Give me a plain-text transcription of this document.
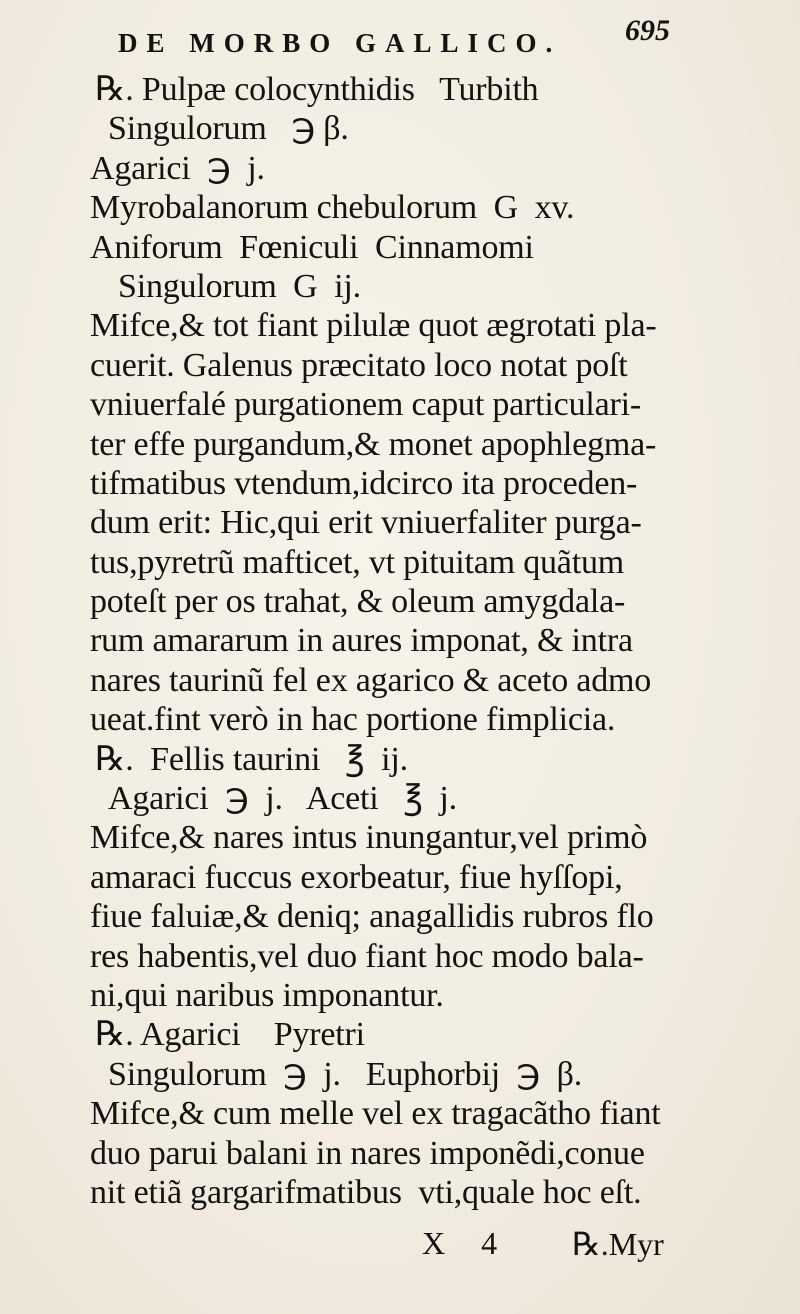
DE MORBO GALLICO. 695
℞. Pulpæ colocynthidis   Turbith
Singulorum   ℈ β.
Agarici  ℈  j.
Myrobalanorum chebulorum  G  xv.
Aniforum  Fœniculi  Cinnamomi
Singulorum  G  ij.
Mifce,& tot fiant pilulæ quot ægrotati pla-
cuerit. Galenus præcitato loco notat poſt
vniuerfalé purgationem caput particulari-
ter effe purgandum,& monet apophlegma-
tifmatibus vtendum,idcirco ita proceden-
dum erit: Hic,qui erit vniuerfaliter purga-
tus,pyretrũ mafticet, vt pituitam quãtum
poteſt per os trahat, & oleum amygdala-
rum amararum in aures imponat, & intra
nares taurinũ fel ex agarico & aceto admo
ueat.fint verò in hac portione fimplicia.
℞.  Fellis taurini   ℥  ij.
Agarici  ℈  j.   Aceti   ℥  j.
Mifce,& nares intus inungantur,vel primò
amaraci fuccus exorbeatur, fiue hyſſopi,
fiue faluiæ,& deniq; anagallidis rubros flo
res habentis,vel duo fiant hoc modo bala-
ni,qui naribus imponantur.
℞. Agarici    Pyretri
Singulorum  ℈  j.   Euphorbij  ℈  β.
Mifce,& cum melle vel ex tragacãtho fiant
duo parui balani in nares imponẽdi,conue
nit etiã gargarifmatibus  vti,quale hoc eſt.
X 4 ℞.Myr
